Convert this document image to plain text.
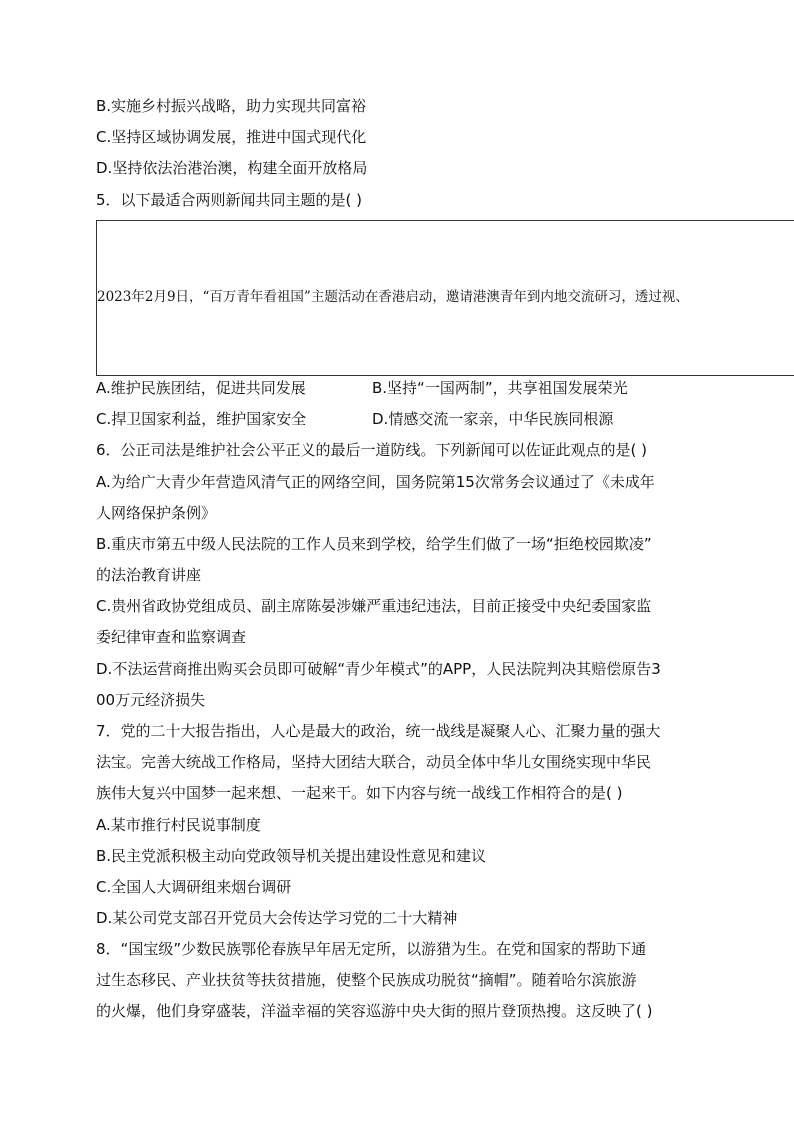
B.实施乡村振兴战略，助力实现共同富裕
C.坚持区域协调发展，推进中国式现代化
D.坚持依法治港治澳，构建全面开放格局
5．以下最适合两则新闻共同主题的是( )
2023年2月9日，“百万青年看祖国”主题活动在香港启动，邀请港澳青年到内地交流研习，透过视、
A.维护民族团结，促进共同发展	B.坚持“一国两制”，共享祖国发展荣光
C.捍卫国家利益，维护国家安全	D.情感交流一家亲，中华民族同根源
6．公正司法是维护社会公平正义的最后一道防线。下列新闻可以佐证此观点的是( )
A.为给广大青少年营造风清气正的网络空间，国务院第15次常务会议通过了《未成年
人网络保护条例》
B.重庆市第五中级人民法院的工作人员来到学校，给学生们做了一场“拒绝校园欺凌”
的法治教育讲座
C.贵州省政协党组成员、副主席陈晏涉嫌严重违纪违法，目前正接受中央纪委国家监
委纪律审查和监察调查
D.不法运营商推出购买会员即可破解“青少年模式”的APP，人民法院判决其赔偿原告3
00万元经济损失
7．党的二十大报告指出，人心是最大的政治，统一战线是凝聚人心、汇聚力量的强大
法宝。完善大统战工作格局，坚持大团结大联合，动员全体中华儿女围绕实现中华民
族伟大复兴中国梦一起来想、一起来干。如下内容与统一战线工作相符合的是( )
A.某市推行村民说事制度
B.民主党派积极主动向党政领导机关提出建设性意见和建议
C.全国人大调研组来烟台调研
D.某公司党支部召开党员大会传达学习党的二十大精神
8．“国宝级”少数民族鄂伦春族早年居无定所，以游猎为生。在党和国家的帮助下通
过生态移民、产业扶贫等扶贫措施，使整个民族成功脱贫“摘帽”。随着哈尔滨旅游
的火爆，他们身穿盛装，洋溢幸福的笑容巡游中央大街的照片登顶热搜。这反映了( )
